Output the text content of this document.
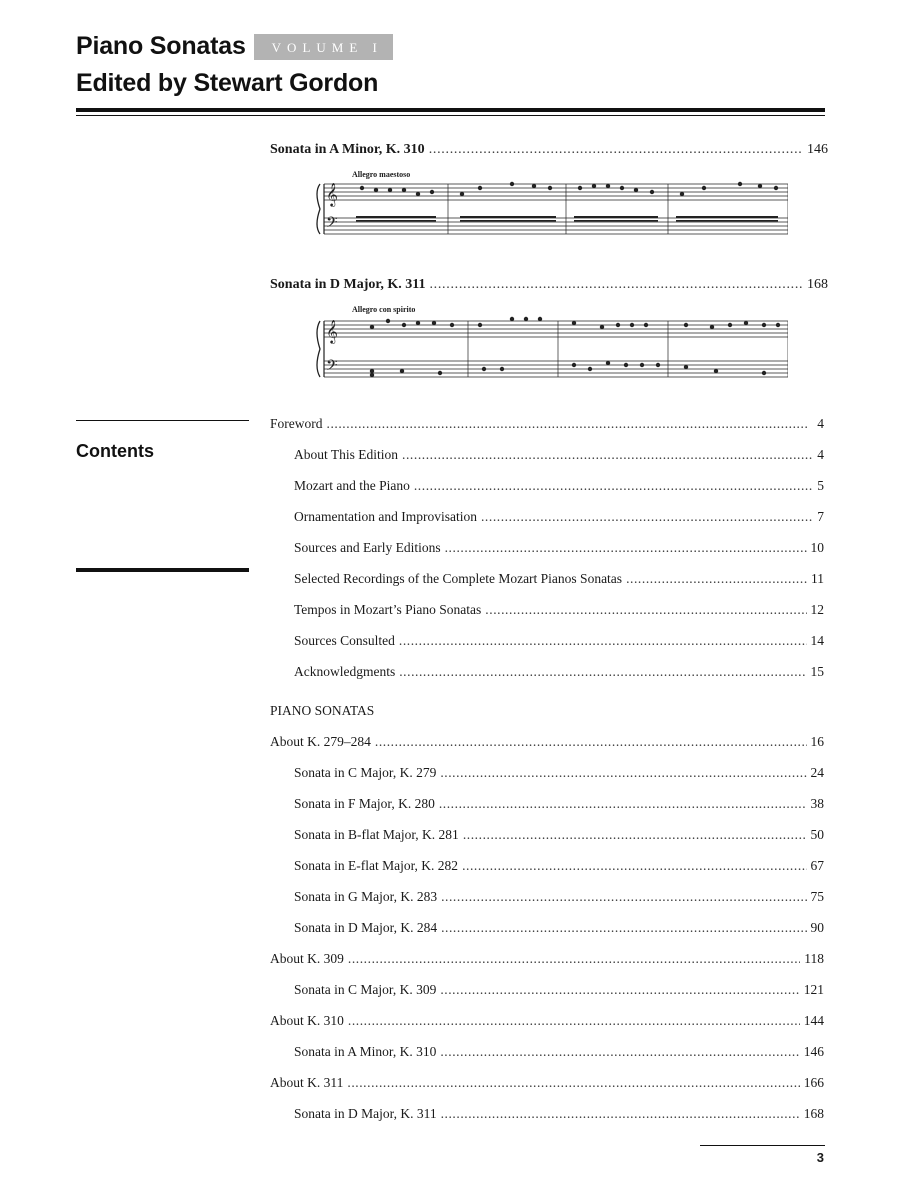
Piano Sonatas	VOLUME I
Edited by Stewart Gordon
Sonata in A Minor, K. 310 . . .	146
Allegro maestoso
𝄞
𝄢
Sonata in D Major, K. 311 . . .	168
Allegro con spirito
𝄞
𝄢
Contents
Foreword . . .	4
About This Edition . . .	4
Mozart and the Piano . . .	5
Ornamentation and Improvisation . . .	7
Sources and Early Editions . . .	10
Selected Recordings of the Complete Mozart Pianos Sonatas . . .	11
Tempos in Mozart’s Piano Sonatas . . .	12
Sources Consulted . . .	14
Acknowledgments . . .	15
PIANO SONATAS
About K. 279–284 . . .	16
Sonata in C Major, K. 279 . . .	24
Sonata in F Major, K. 280 . . .	38
Sonata in B-flat Major, K. 281 . . .	50
Sonata in E-flat Major, K. 282 . . .	67
Sonata in G Major, K. 283 . . .	75
Sonata in D Major, K. 284 . . .	90
About K. 309 . . .	118
Sonata in C Major, K. 309 . . .	121
About K. 310 . . .	144
Sonata in A Minor, K. 310 . . .	146
About K. 311 . . .	166
Sonata in D Major, K. 311 . . .	168
3
